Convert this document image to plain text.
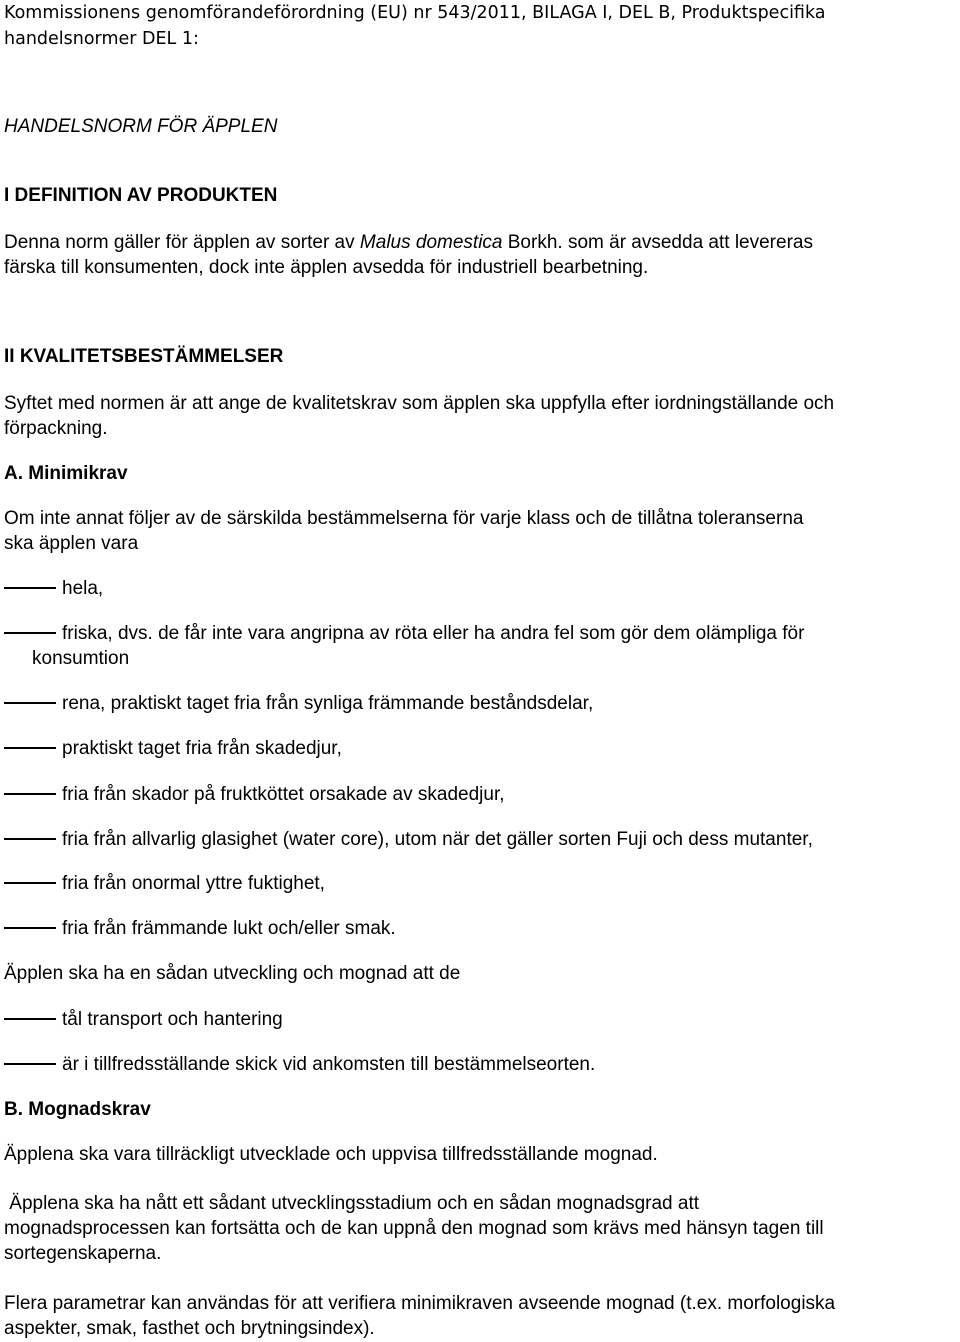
Kommissionens genomförandeförordning (EU) nr 543/2011, BILAGA I, DEL B, Produktspecifika

handelsnormer DEL 1:

HANDELSNORM FÖR ÄPPLEN

I DEFINITION AV PRODUKTEN

Denna norm gäller för äpplen av sorter av Malus domestica Borkh. som är avsedda att levereras

färska till konsumenten, dock inte äpplen avsedda för industriell bearbetning.

II KVALITETSBESTÄMMELSER

Syftet med normen är att ange de kvalitetskrav som äpplen ska uppfylla efter iordningställande och

förpackning.

A. Minimikrav

Om inte annat följer av de särskilda bestämmelserna för varje klass och de tillåtna toleranserna

ska äpplen vara

hela,

friska, dvs. de får inte vara angripna av röta eller ha andra fel som gör dem olämpliga för

konsumtion

rena, praktiskt taget fria från synliga främmande beståndsdelar,

praktiskt taget fria från skadedjur,

fria från skador på fruktköttet orsakade av skadedjur,

fria från allvarlig glasighet (water core), utom när det gäller sorten Fuji och dess mutanter,

fria från onormal yttre fuktighet,

fria från främmande lukt och/eller smak.

Äpplen ska ha en sådan utveckling och mognad att de

tål transport och hantering

är i tillfredsställande skick vid ankomsten till bestämmelseorten.

B. Mognadskrav

Äpplena ska vara tillräckligt utvecklade och uppvisa tillfredsställande mognad.

Äpplena ska ha nått ett sådant utvecklingsstadium och en sådan mognadsgrad att

mognadsprocessen kan fortsätta och de kan uppnå den mognad som krävs med hänsyn tagen till

sortegenskaperna.

Flera parametrar kan användas för att verifiera minimikraven avseende mognad (t.ex. morfologiska

aspekter, smak, fasthet och brytningsindex).
